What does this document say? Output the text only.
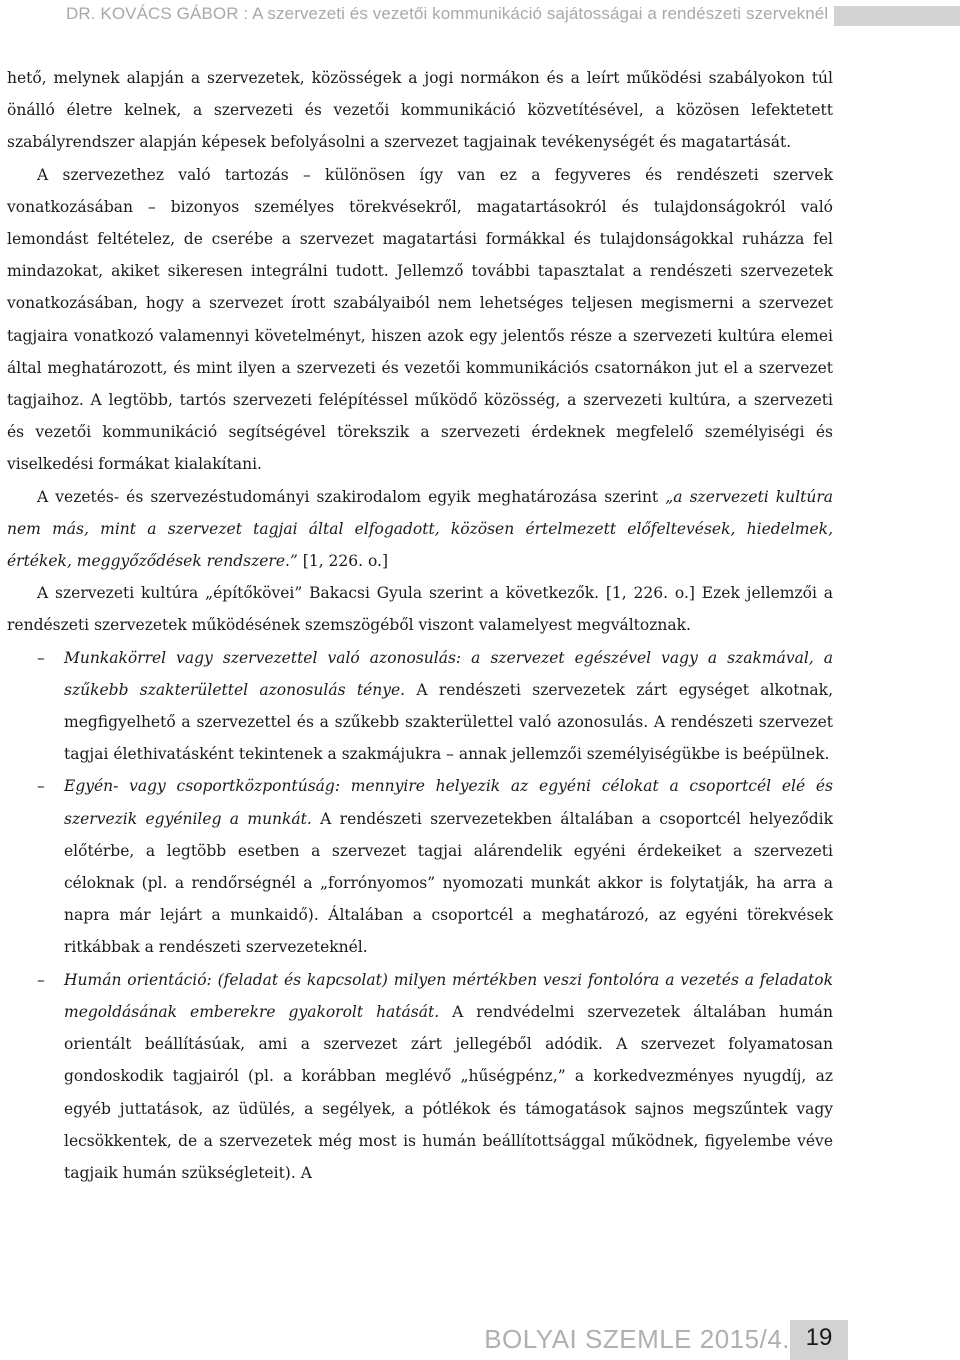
DR. KOVÁCS GÁBOR : A szervezeti és vezetői kommunikáció sajátosságai a rendészeti szerveknél

hető, melynek alapján a szervezetek, közösségek a jogi normákon és a leírt működési szabályokon túl önálló életre kelnek, a szervezeti és vezetői kommunikáció közvetítésével, a közösen lefektetett szabályrendszer alapján képesek befolyásolni a szervezet tagjainak tevékenységét és magatartását.

A szervezethez való tartozás – különösen így van ez a fegyveres és rendészeti szervek vonatkozásában – bizonyos személyes törekvésekről, magatartásokról és tulajdonságokról való lemondást feltételez, de cserébe a szervezet magatartási formákkal és tulajdonságokkal ruházza fel mindazokat, akiket sikeresen integrálni tudott. Jellemző további tapasztalat a rendészeti szervezetek vonatkozásában, hogy a szervezet írott szabályaiból nem lehetséges teljesen megismerni a szervezet tagjaira vonatkozó valamennyi követelményt, hiszen azok egy jelentős része a szervezeti kultúra elemei által meghatározott, és mint ilyen a szervezeti és vezetői kommunikációs csatornákon jut el a szervezet tagjaihoz. A legtöbb, tartós szervezeti felépítéssel működő közösség, a szervezeti kultúra, a szervezeti és vezetői kommunikáció segítségével törekszik a szervezeti érdeknek megfelelő személyiségi és viselkedési formákat kialakítani.

A vezetés- és szervezéstudományi szakirodalom egyik meghatározása szerint „a szervezeti kultúra nem más, mint a szervezet tagjai által elfogadott, közösen értelmezett előfeltevések, hiedelmek, értékek, meggyőződések rendszere.” [1, 226. o.]

A szervezeti kultúra „építőkövei” Bakacsi Gyula szerint a következők. [1, 226. o.] Ezek jellemzői a rendészeti szervezetek működésének szemszögéből viszont valamelyest megváltoznak.

– Munkakörrel vagy szervezettel való azonosulás: a szervezet egészével vagy a szakmával, a szűkebb szakterülettel azonosulás ténye. A rendészeti szervezetek zárt egységet alkotnak, megfigyelhető a szervezettel és a szűkebb szakterülettel való azonosulás. A rendészeti szervezet tagjai élethivatásként tekintenek a szakmájukra – annak jellemzői személyiségükbe is beépülnek.
– Egyén- vagy csoportközpontúság: mennyire helyezik az egyéni célokat a csoportcél elé és szervezik egyénileg a munkát. A rendészeti szervezetekben általában a csoportcél helyeződik előtérbe, a legtöbb esetben a szervezet tagjai alárendelik egyéni érdekeiket a szervezeti céloknak (pl. a rendőrségnél a „forrónyomos” nyomozati munkát akkor is folytatják, ha arra a napra már lejárt a munkaidő). Általában a csoportcél a meghatározó, az egyéni törekvések ritkábbak a rendészeti szervezeteknél.
– Humán orientáció: (feladat és kapcsolat) milyen mértékben veszi fontolóra a vezetés a feladatok megoldásának emberekre gyakorolt hatását. A rendvédelmi szervezetek általában humán orientált beállításúak, ami a szervezet zárt jellegéből adódik. A szervezet folyamatosan gondoskodik tagjairól (pl. a korábban meglévő „hűségpénz,” a korkedvezményes nyugdíj, az egyéb juttatások, az üdülés, a segélyek, a pótlékok és támogatások sajnos megszűntek vagy lecsökkentek, de a szervezetek még most is humán beállítottsággal működnek, figyelembe véve tagjaik humán szükségleteit). A
BOLYAI SZEMLE 2015/4. 19
